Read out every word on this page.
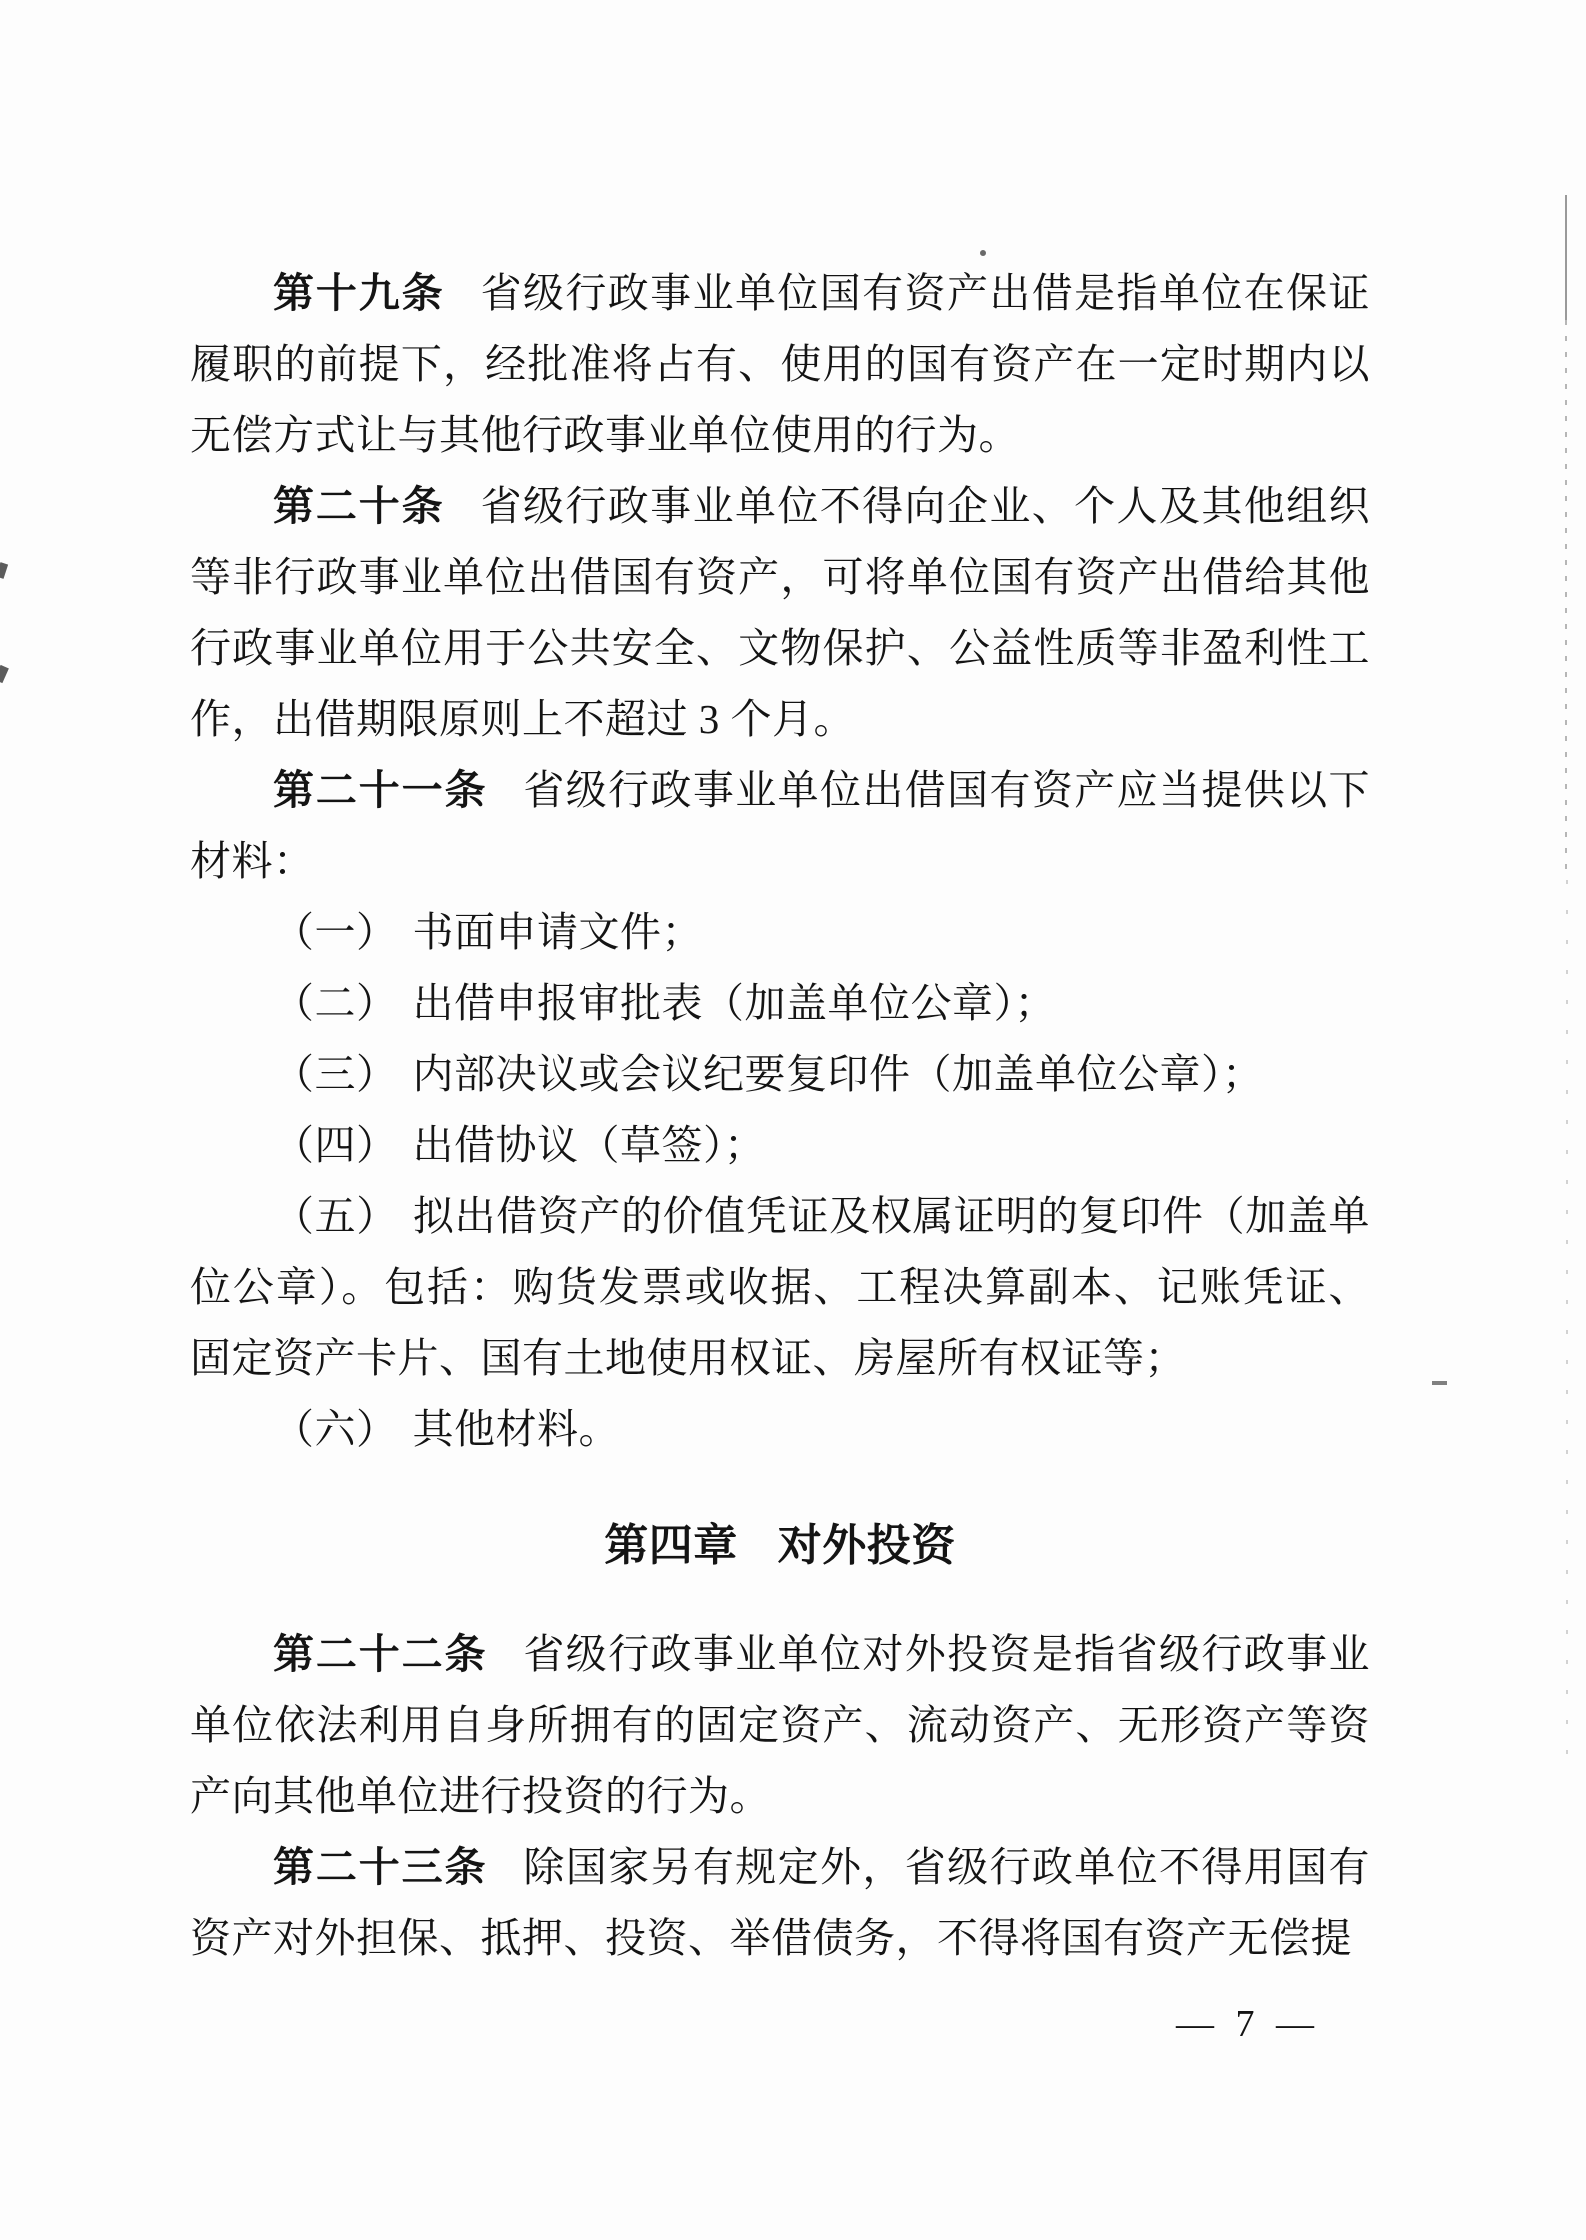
第十九条 省级行政事业单位国有资产出借是指单位在保证履职的前提下，经批准将占有、使用的国有资产在一定时期内以无偿方式让与其他行政事业单位使用的行为。

第二十条 省级行政事业单位不得向企业、个人及其他组织等非行政事业单位出借国有资产，可将单位国有资产出借给其他行政事业单位用于公共安全、文物保护、公益性质等非盈利性工作，出借期限原则上不超过 3 个月。

第二十一条 省级行政事业单位出借国有资产应当提供以下材料：

（一） 书面申请文件；

（二） 出借申报审批表（加盖单位公章）；

（三） 内部决议或会议纪要复印件（加盖单位公章）；

（四） 出借协议（草签）；

（五） 拟出借资产的价值凭证及权属证明的复印件（加盖单位公章）。包括：购货发票或收据、工程决算副本、记账凭证、固定资产卡片、国有土地使用权证、房屋所有权证等；

（六） 其他材料。

第四章 对外投资

第二十二条 省级行政事业单位对外投资是指省级行政事业单位依法利用自身所拥有的固定资产、流动资产、无形资产等资产向其他单位进行投资的行为。

第二十三条 除国家另有规定外，省级行政单位不得用国有资产对外担保、抵押、投资、举借债务，不得将国有资产无偿提

— 7 —
